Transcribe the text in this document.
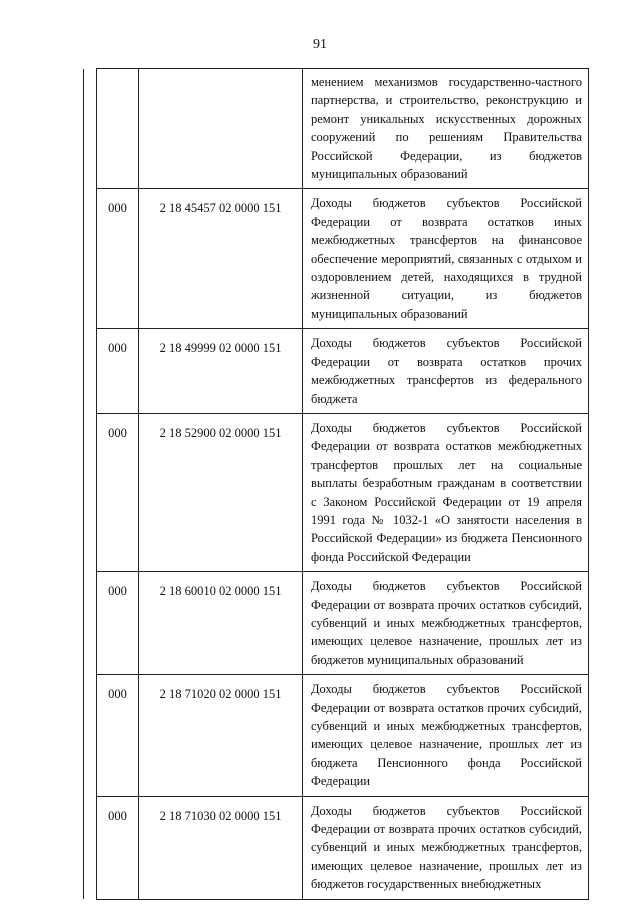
91
			менением механизмов государственно-частного партнерства, и строительство, реконструкцию и ремонт уникальных искусственных дорожных сооружений по решениям Правительства Российской Федерации, из бюджетов муниципальных образований
	000	2 18 45457 02 0000 151	Доходы бюджетов субъектов Российской Федерации от возврата остатков иных межбюджетных трансфертов на финансовое обеспечение мероприятий, связанных с отдыхом и оздоровлением детей, находящихся в трудной жизненной ситуации, из бюджетов муниципальных образований
	000	2 18 49999 02 0000 151	Доходы бюджетов субъектов Российской Федерации от возврата остатков прочих межбюджетных трансфертов из федерального бюджета
	000	2 18 52900 02 0000 151	Доходы бюджетов субъектов Российской Федерации от возврата остатков межбюджетных трансфертов прошлых лет на социальные выплаты безработным гражданам в соответствии с Законом Российской Федерации от 19 апреля 1991 года № 1032-1 «О занятости населения в Российской Федерации» из бюджета Пенсионного фонда Российской Федерации
	000	2 18 60010 02 0000 151	Доходы бюджетов субъектов Российской Федерации от возврата прочих остатков субсидий, субвенций и иных межбюджетных трансфертов, имеющих целевое назначение, прошлых лет из бюджетов муниципальных образований
	000	2 18 71020 02 0000 151	Доходы бюджетов субъектов Российской Федерации от возврата остатков прочих субсидий, субвенций и иных межбюджетных трансфертов, имеющих целевое назначение, прошлых лет из бюджета Пенсионного фонда Российской Федерации
	000	2 18 71030 02 0000 151	Доходы бюджетов субъектов Российской Федерации от возврата прочих остатков субсидий, субвенций и иных межбюджетных трансфертов, имеющих целевое назначение, прошлых лет из бюджетов государственных внебюджетных
